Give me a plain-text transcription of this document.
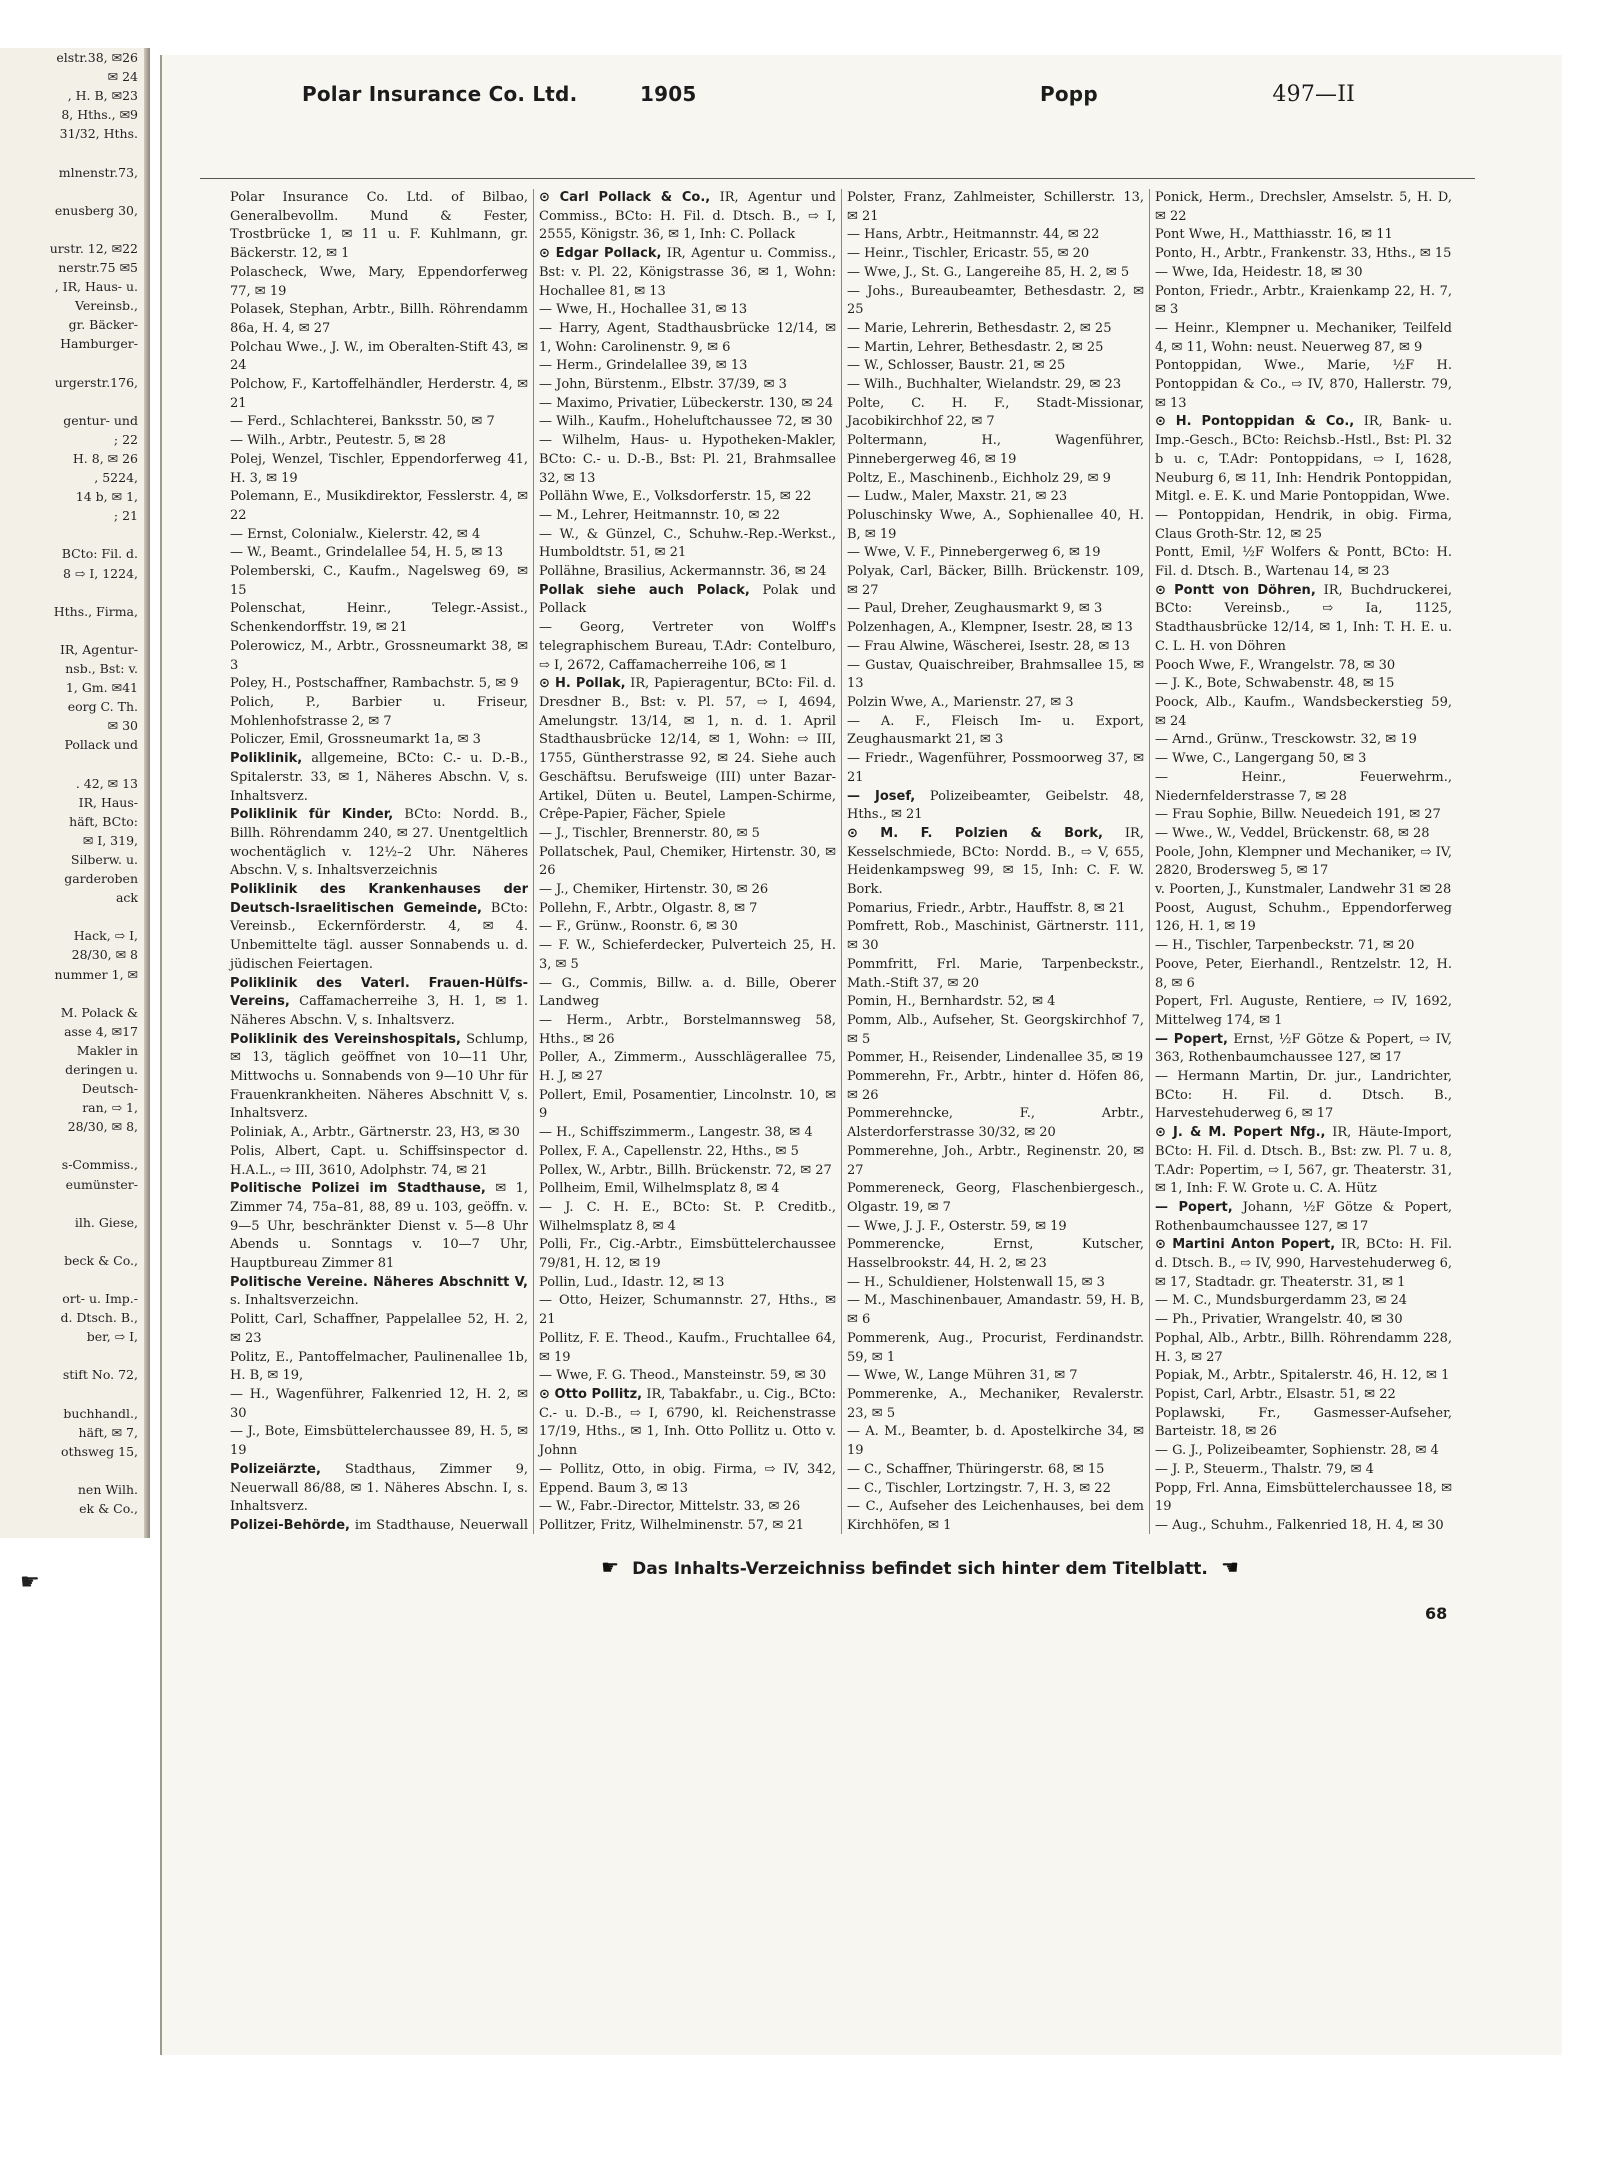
elstr.38, ✉26
✉ 24
, H. B, ✉23
8, Hths., ✉9
31/32, Hths.

mlnenstr.73,

enusberg 30,

urstr. 12, ✉22
nerstr.75 ✉5
, IR, Haus- u.
Vereinsb.,
gr. Bäcker-
Hamburger-

urgerstr.176,

gentur- und
; 22
H. 8, ✉ 26
, 5224,
14 b, ✉ 1,
; 21

BCto: Fil. d.
8 ⇨ I, 1224,

Hths., Firma,

IR, Agentur-
nsb., Bst: v.
1, Gm. ✉41
eorg C. Th.
✉ 30
Pollack und

. 42, ✉ 13
IR, Haus-
häft, BCto:
✉ I, 319,
Silberw. u.
garderoben
ack

Hack, ⇨ I,
28/30, ✉ 8
nummer 1, ✉

M. Polack &
asse 4, ✉17
Makler in
deringen u.
Deutsch-
ran, ⇨ 1,
28/30, ✉ 8,

s-Commiss.,
eumünster-

ilh. Giese,

beck & Co.,

ort- u. Imp.-
d. Dtsch. B.,
ber, ⇨ I,

stift No. 72,

buchhandl.,
häft, ✉ 7,
othsweg 15,

nen Wilh.
ek & Co.,

Polar Insurance Co. Ltd.	1905	Popp	497—II
Polar Insurance Co. Ltd. of Bilbao, Generalbevollm. Mund & Fester, Trostbrücke 1, ✉ 11 u. F. Kuhlmann, gr. Bäckerstr. 12, ✉ 1
Polascheck, Wwe, Mary, Eppendorferweg 77, ✉ 19
Polasek, Stephan, Arbtr., Billh. Röhrendamm 86a, H. 4, ✉ 27
Polchau Wwe., J. W., im Oberalten-Stift 43, ✉ 24
Polchow, F., Kartoffelhändler, Herderstr. 4, ✉ 21
— Ferd., Schlachterei, Banksstr. 50, ✉ 7
— Wilh., Arbtr., Peutestr. 5, ✉ 28
Polej, Wenzel, Tischler, Eppendorferweg 41, H. 3, ✉ 19
Polemann, E., Musikdirektor, Fesslerstr. 4, ✉ 22
— Ernst, Colonialw., Kielerstr. 42, ✉ 4
— W., Beamt., Grindelallee 54, H. 5, ✉ 13
Polemberski, C., Kaufm., Nagelsweg 69, ✉ 15
Polenschat, Heinr., Telegr.-Assist., Schenkendorffstr. 19, ✉ 21
Polerowicz, M., Arbtr., Grossneumarkt 38, ✉ 3
Poley, H., Postschaffner, Rambachstr. 5, ✉ 9
Polich, P., Barbier u. Friseur, Mohlenhofstrasse 2, ✉ 7
Policzer, Emil, Grossneumarkt 1a, ✉ 3
Poliklinik, allgemeine, BCto: C.- u. D.-B., Spitalerstr. 33, ✉ 1, Näheres Abschn. V, s. Inhaltsverz.
Poliklinik für Kinder, BCto: Nordd. B., Billh. Röhrendamm 240, ✉ 27. Unentgeltlich wochentäglich v. 12½–2 Uhr. Näheres Abschn. V, s. Inhaltsverzeichnis
Poliklinik des Krankenhauses der Deutsch-Israelitischen Gemeinde, BCto: Vereinsb., Eckernförderstr. 4, ✉ 4. Unbemittelte tägl. ausser Sonnabends u. d. jüdischen Feiertagen.
Poliklinik des Vaterl. Frauen-Hülfs-Vereins, Caffamacherreihe 3, H. 1, ✉ 1. Näheres Abschn. V, s. Inhaltsverz.
Poliklinik des Vereinshospitals, Schlump, ✉ 13, täglich geöffnet von 10—11 Uhr, Mittwochs u. Sonnabends von 9—10 Uhr für Frauenkrankheiten. Näheres Abschnitt V, s. Inhaltsverz.
Poliniak, A., Arbtr., Gärtnerstr. 23, H3, ✉ 30
Polis, Albert, Capt. u. Schiffsinspector d. H.A.L., ⇨ III, 3610, Adolphstr. 74, ✉ 21
Politische Polizei im Stadthause, ✉ 1, Zimmer 74, 75a–81, 88, 89 u. 103, geöffn. v. 9—5 Uhr, beschränkter Dienst v. 5—8 Uhr Abends u. Sonntags v. 10—7 Uhr, Hauptbureau Zimmer 81
Politische Vereine. Näheres Abschnitt V, s. Inhaltsverzeichn.
Politt, Carl, Schaffner, Pappelallee 52, H. 2, ✉ 23
Politz, E., Pantoffelmacher, Paulinenallee 1b, H. B, ✉ 19,
— H., Wagenführer, Falkenried 12, H. 2, ✉ 30
— J., Bote, Eimsbüttelerchaussee 89, H. 5, ✉ 19
Polizeiärzte, Stadthaus, Zimmer 9, Neuerwall 86/88, ✉ 1. Näheres Abschn. I, s. Inhaltsverz.
Polizei-Behörde, im Stadthause, Neuerwall
⊙ Carl Pollack & Co., IR, Agentur und Commiss., BCto: H. Fil. d. Dtsch. B., ⇨ I, 2555, Königstr. 36, ✉ 1, Inh: C. Pollack
⊙ Edgar Pollack, IR, Agentur u. Commiss., Bst: v. Pl. 22, Königstrasse 36, ✉ 1, Wohn: Hochallee 81, ✉ 13
— Wwe, H., Hochallee 31, ✉ 13
— Harry, Agent, Stadthausbrücke 12/14, ✉ 1, Wohn: Carolinenstr. 9, ✉ 6
— Herm., Grindelallee 39, ✉ 13
— John, Bürstenm., Elbstr. 37/39, ✉ 3
— Maximo, Privatier, Lübeckerstr. 130, ✉ 24
— Wilh., Kaufm., Hoheluftchaussee 72, ✉ 30
— Wilhelm, Haus- u. Hypotheken-Makler, BCto: C.- u. D.-B., Bst: Pl. 21, Brahmsallee 32, ✉ 13
Pollähn Wwe, E., Volksdorferstr. 15, ✉ 22
— M., Lehrer, Heitmannstr. 10, ✉ 22
— W., & Günzel, C., Schuhw.-Rep.-Werkst., Humboldtstr. 51, ✉ 21
Pollähne, Brasilius, Ackermannstr. 36, ✉ 24
Pollak siehe auch Polack, Polak und Pollack
— Georg, Vertreter von Wolff's telegraphischem Bureau, T.Adr: Contelburo, ⇨ I, 2672, Caffamacherreihe 106, ✉ 1
⊙ H. Pollak, IR, Papieragentur, BCto: Fil. d. Dresdner B., Bst: v. Pl. 57, ⇨ I, 4694, Amelungstr. 13/14, ✉ 1, n. d. 1. April Stadthausbrücke 12/14, ✉ 1, Wohn: ⇨ III, 1755, Güntherstrasse 92, ✉ 24. Siehe auch Geschäftsu. Berufsweige (III) unter Bazar-Artikel, Düten u. Beutel, Lampen-Schirme, Crêpe-Papier, Fächer, Spiele
— J., Tischler, Brennerstr. 80, ✉ 5
Pollatschek, Paul, Chemiker, Hirtenstr. 30, ✉ 26
— J., Chemiker, Hirtenstr. 30, ✉ 26
Pollehn, F., Arbtr., Olgastr. 8, ✉ 7
— F., Grünw., Roonstr. 6, ✉ 30
— F. W., Schieferdecker, Pulverteich 25, H. 3, ✉ 5
— G., Commis, Billw. a. d. Bille, Oberer Landweg
— Herm., Arbtr., Borstelmannsweg 58, Hths., ✉ 26
Poller, A., Zimmerm., Ausschlägerallee 75, H. J, ✉ 27
Pollert, Emil, Posamentier, Lincolnstr. 10, ✉ 9
— H., Schiffszimmerm., Langestr. 38, ✉ 4
Pollex, F. A., Capellenstr. 22, Hths., ✉ 5
Pollex, W., Arbtr., Billh. Brückenstr. 72, ✉ 27
Pollheim, Emil, Wilhelmsplatz 8, ✉ 4
— J. C. H. E., BCto: St. P. Creditb., Wilhelmsplatz 8, ✉ 4
Polli, Fr., Cig.-Arbtr., Eimsbüttelerchaussee 79/81, H. 12, ✉ 19
Pollin, Lud., Idastr. 12, ✉ 13
— Otto, Heizer, Schumannstr. 27, Hths., ✉ 21
Pollitz, F. E. Theod., Kaufm., Fruchtallee 64, ✉ 19
— Wwe, F. G. Theod., Mansteinstr. 59, ✉ 30
⊙ Otto Pollitz, IR, Tabakfabr., u. Cig., BCto: C.- u. D.-B., ⇨ I, 6790, kl. Reichenstrasse 17/19, Hths., ✉ 1, Inh. Otto Pollitz u. Otto v. Johnn
— Pollitz, Otto, in obig. Firma, ⇨ IV, 342, Eppend. Baum 3, ✉ 13
— W., Fabr.-Director, Mittelstr. 33, ✉ 26
Pollitzer, Fritz, Wilhelminenstr. 57, ✉ 21
Polster, Franz, Zahlmeister, Schillerstr. 13, ✉ 21
— Hans, Arbtr., Heitmannstr. 44, ✉ 22
— Heinr., Tischler, Ericastr. 55, ✉ 20
— Wwe, J., St. G., Langereihe 85, H. 2, ✉ 5
— Johs., Bureaubeamter, Bethesdastr. 2, ✉ 25
— Marie, Lehrerin, Bethesdastr. 2, ✉ 25
— Martin, Lehrer, Bethesdastr. 2, ✉ 25
— W., Schlosser, Baustr. 21, ✉ 25
— Wilh., Buchhalter, Wielandstr. 29, ✉ 23
Polte, C. H. F., Stadt-Missionar, Jacobikirchhof 22, ✉ 7
Poltermann, H., Wagenführer, Pinnebergerweg 46, ✉ 19
Poltz, E., Maschinenb., Eichholz 29, ✉ 9
— Ludw., Maler, Maxstr. 21, ✉ 23
Poluschinsky Wwe, A., Sophienallee 40, H. B, ✉ 19
— Wwe, V. F., Pinnebergerweg 6, ✉ 19
Polyak, Carl, Bäcker, Billh. Brückenstr. 109, ✉ 27
— Paul, Dreher, Zeughausmarkt 9, ✉ 3
Polzenhagen, A., Klempner, Isestr. 28, ✉ 13
— Frau Alwine, Wäscherei, Isestr. 28, ✉ 13
— Gustav, Quaischreiber, Brahmsallee 15, ✉ 13
Polzin Wwe, A., Marienstr. 27, ✉ 3
— A. F., Fleisch Im- u. Export, Zeughausmarkt 21, ✉ 3
— Friedr., Wagenführer, Possmoorweg 37, ✉ 21
— Josef, Polizeibeamter, Geibelstr. 48, Hths., ✉ 21
⊙ M. F. Polzien & Bork, IR, Kesselschmiede, BCto: Nordd. B., ⇨ V, 655, Heidenkampsweg 99, ✉ 15, Inh: C. F. W. Bork.
Pomarius, Friedr., Arbtr., Hauffstr. 8, ✉ 21
Pomfrett, Rob., Maschinist, Gärtnerstr. 111, ✉ 30
Pommfritt, Frl. Marie, Tarpenbeckstr., Math.-Stift 37, ✉ 20
Pomin, H., Bernhardstr. 52, ✉ 4
Pomm, Alb., Aufseher, St. Georgskirchhof 7, ✉ 5
Pommer, H., Reisender, Lindenallee 35, ✉ 19
Pommerehn, Fr., Arbtr., hinter d. Höfen 86, ✉ 26
Pommerehncke, F., Arbtr., Alsterdorferstrasse 30/32, ✉ 20
Pommerehne, Joh., Arbtr., Reginenstr. 20, ✉ 27
Pommereneck, Georg, Flaschenbiergesch., Olgastr. 19, ✉ 7
— Wwe, J. J. F., Osterstr. 59, ✉ 19
Pommerencke, Ernst, Kutscher, Hasselbrookstr. 44, H. 2, ✉ 23
— H., Schuldiener, Holstenwall 15, ✉ 3
— M., Maschinenbauer, Amandastr. 59, H. B, ✉ 6
Pommerenk, Aug., Procurist, Ferdinandstr. 59, ✉ 1
— Wwe, W., Lange Mühren 31, ✉ 7
Pommerenke, A., Mechaniker, Revalerstr. 23, ✉ 5
— A. M., Beamter, b. d. Apostelkirche 34, ✉ 19
— C., Schaffner, Thüringerstr. 68, ✉ 15
— C., Tischler, Lortzingstr. 7, H. 3, ✉ 22
— C., Aufseher des Leichenhauses, bei dem Kirchhöfen, ✉ 1
Ponick, Herm., Drechsler, Amselstr. 5, H. D, ✉ 22
Pont Wwe, H., Matthiasstr. 16, ✉ 11
Ponto, H., Arbtr., Frankenstr. 33, Hths., ✉ 15
— Wwe, Ida, Heidestr. 18, ✉ 30
Ponton, Friedr., Arbtr., Kraienkamp 22, H. 7, ✉ 3
— Heinr., Klempner u. Mechaniker, Teilfeld 4, ✉ 11, Wohn: neust. Neuerweg 87, ✉ 9
Pontoppidan, Wwe., Marie, ½F H. Pontoppidan & Co., ⇨ IV, 870, Hallerstr. 79, ✉ 13
⊙ H. Pontoppidan & Co., IR, Bank- u. Imp.-Gesch., BCto: Reichsb.-Hstl., Bst: Pl. 32 b u. c, T.Adr: Pontoppidans, ⇨ I, 1628, Neuburg 6, ✉ 11, Inh: Hendrik Pontoppidan, Mitgl. e. E. K. und Marie Pontoppidan, Wwe.
— Pontoppidan, Hendrik, in obig. Firma, Claus Groth-Str. 12, ✉ 25
Pontt, Emil, ½F Wolfers & Pontt, BCto: H. Fil. d. Dtsch. B., Wartenau 14, ✉ 23
⊙ Pontt von Döhren, IR, Buchdruckerei, BCto: Vereinsb., ⇨ Ia, 1125, Stadthausbrücke 12/14, ✉ 1, Inh: T. H. E. u. C. L. H. von Döhren
Pooch Wwe, F., Wrangelstr. 78, ✉ 30
— J. K., Bote, Schwabenstr. 48, ✉ 15
Poock, Alb., Kaufm., Wandsbeckerstieg 59, ✉ 24
— Arnd., Grünw., Tresckowstr. 32, ✉ 19
— Wwe, C., Langergang 50, ✉ 3
— Heinr., Feuerwehrm., Niedernfelderstrasse 7, ✉ 28
— Frau Sophie, Billw. Neuedeich 191, ✉ 27
— Wwe., W., Veddel, Brückenstr. 68, ✉ 28
Poole, John, Klempner und Mechaniker, ⇨ IV, 2820, Brodersweg 5, ✉ 17
v. Poorten, J., Kunstmaler, Landwehr 31 ✉ 28
Poost, August, Schuhm., Eppendorferweg 126, H. 1, ✉ 19
— H., Tischler, Tarpenbeckstr. 71, ✉ 20
Poove, Peter, Eierhandl., Rentzelstr. 12, H. 8, ✉ 6
Popert, Frl. Auguste, Rentiere, ⇨ IV, 1692, Mittelweg 174, ✉ 1
— Popert, Ernst, ½F Götze & Popert, ⇨ IV, 363, Rothenbaumchaussee 127, ✉ 17
— Hermann Martin, Dr. jur., Landrichter, BCto: H. Fil. d. Dtsch. B., Harvestehuderweg 6, ✉ 17
⊙ J. & M. Popert Nfg., IR, Häute-Import, BCto: H. Fil. d. Dtsch. B., Bst: zw. Pl. 7 u. 8, T.Adr: Popertim, ⇨ I, 567, gr. Theaterstr. 31, ✉ 1, Inh: F. W. Grote u. C. A. Hütz
— Popert, Johann, ½F Götze & Popert, Rothenbaumchaussee 127, ✉ 17
⊙ Martini Anton Popert, IR, BCto: H. Fil. d. Dtsch. B., ⇨ IV, 990, Harvestehuderweg 6, ✉ 17, Stadtadr. gr. Theaterstr. 31, ✉ 1
— M. C., Mundsburgerdamm 23, ✉ 24
— Ph., Privatier, Wrangelstr. 40, ✉ 30
Pophal, Alb., Arbtr., Billh. Röhrendamm 228, H. 3, ✉ 27
Popiak, M., Arbtr., Spitalerstr. 46, H. 12, ✉ 1
Popist, Carl, Arbtr., Elsastr. 51, ✉ 22
Poplawski, Fr., Gasmesser-Aufseher, Barteistr. 18, ✉ 26
— G. J., Polizeibeamter, Sophienstr. 28, ✉ 4
— J. P., Steuerm., Thalstr. 79, ✉ 4
Popp, Frl. Anna, Eimsbüttelerchaussee 18, ✉ 19
— Aug., Schuhm., Falkenried 18, H. 4, ✉ 30
☛ Das Inhalts-Verzeichniss befindet sich hinter dem Titelblatt. ☚
68
☛
